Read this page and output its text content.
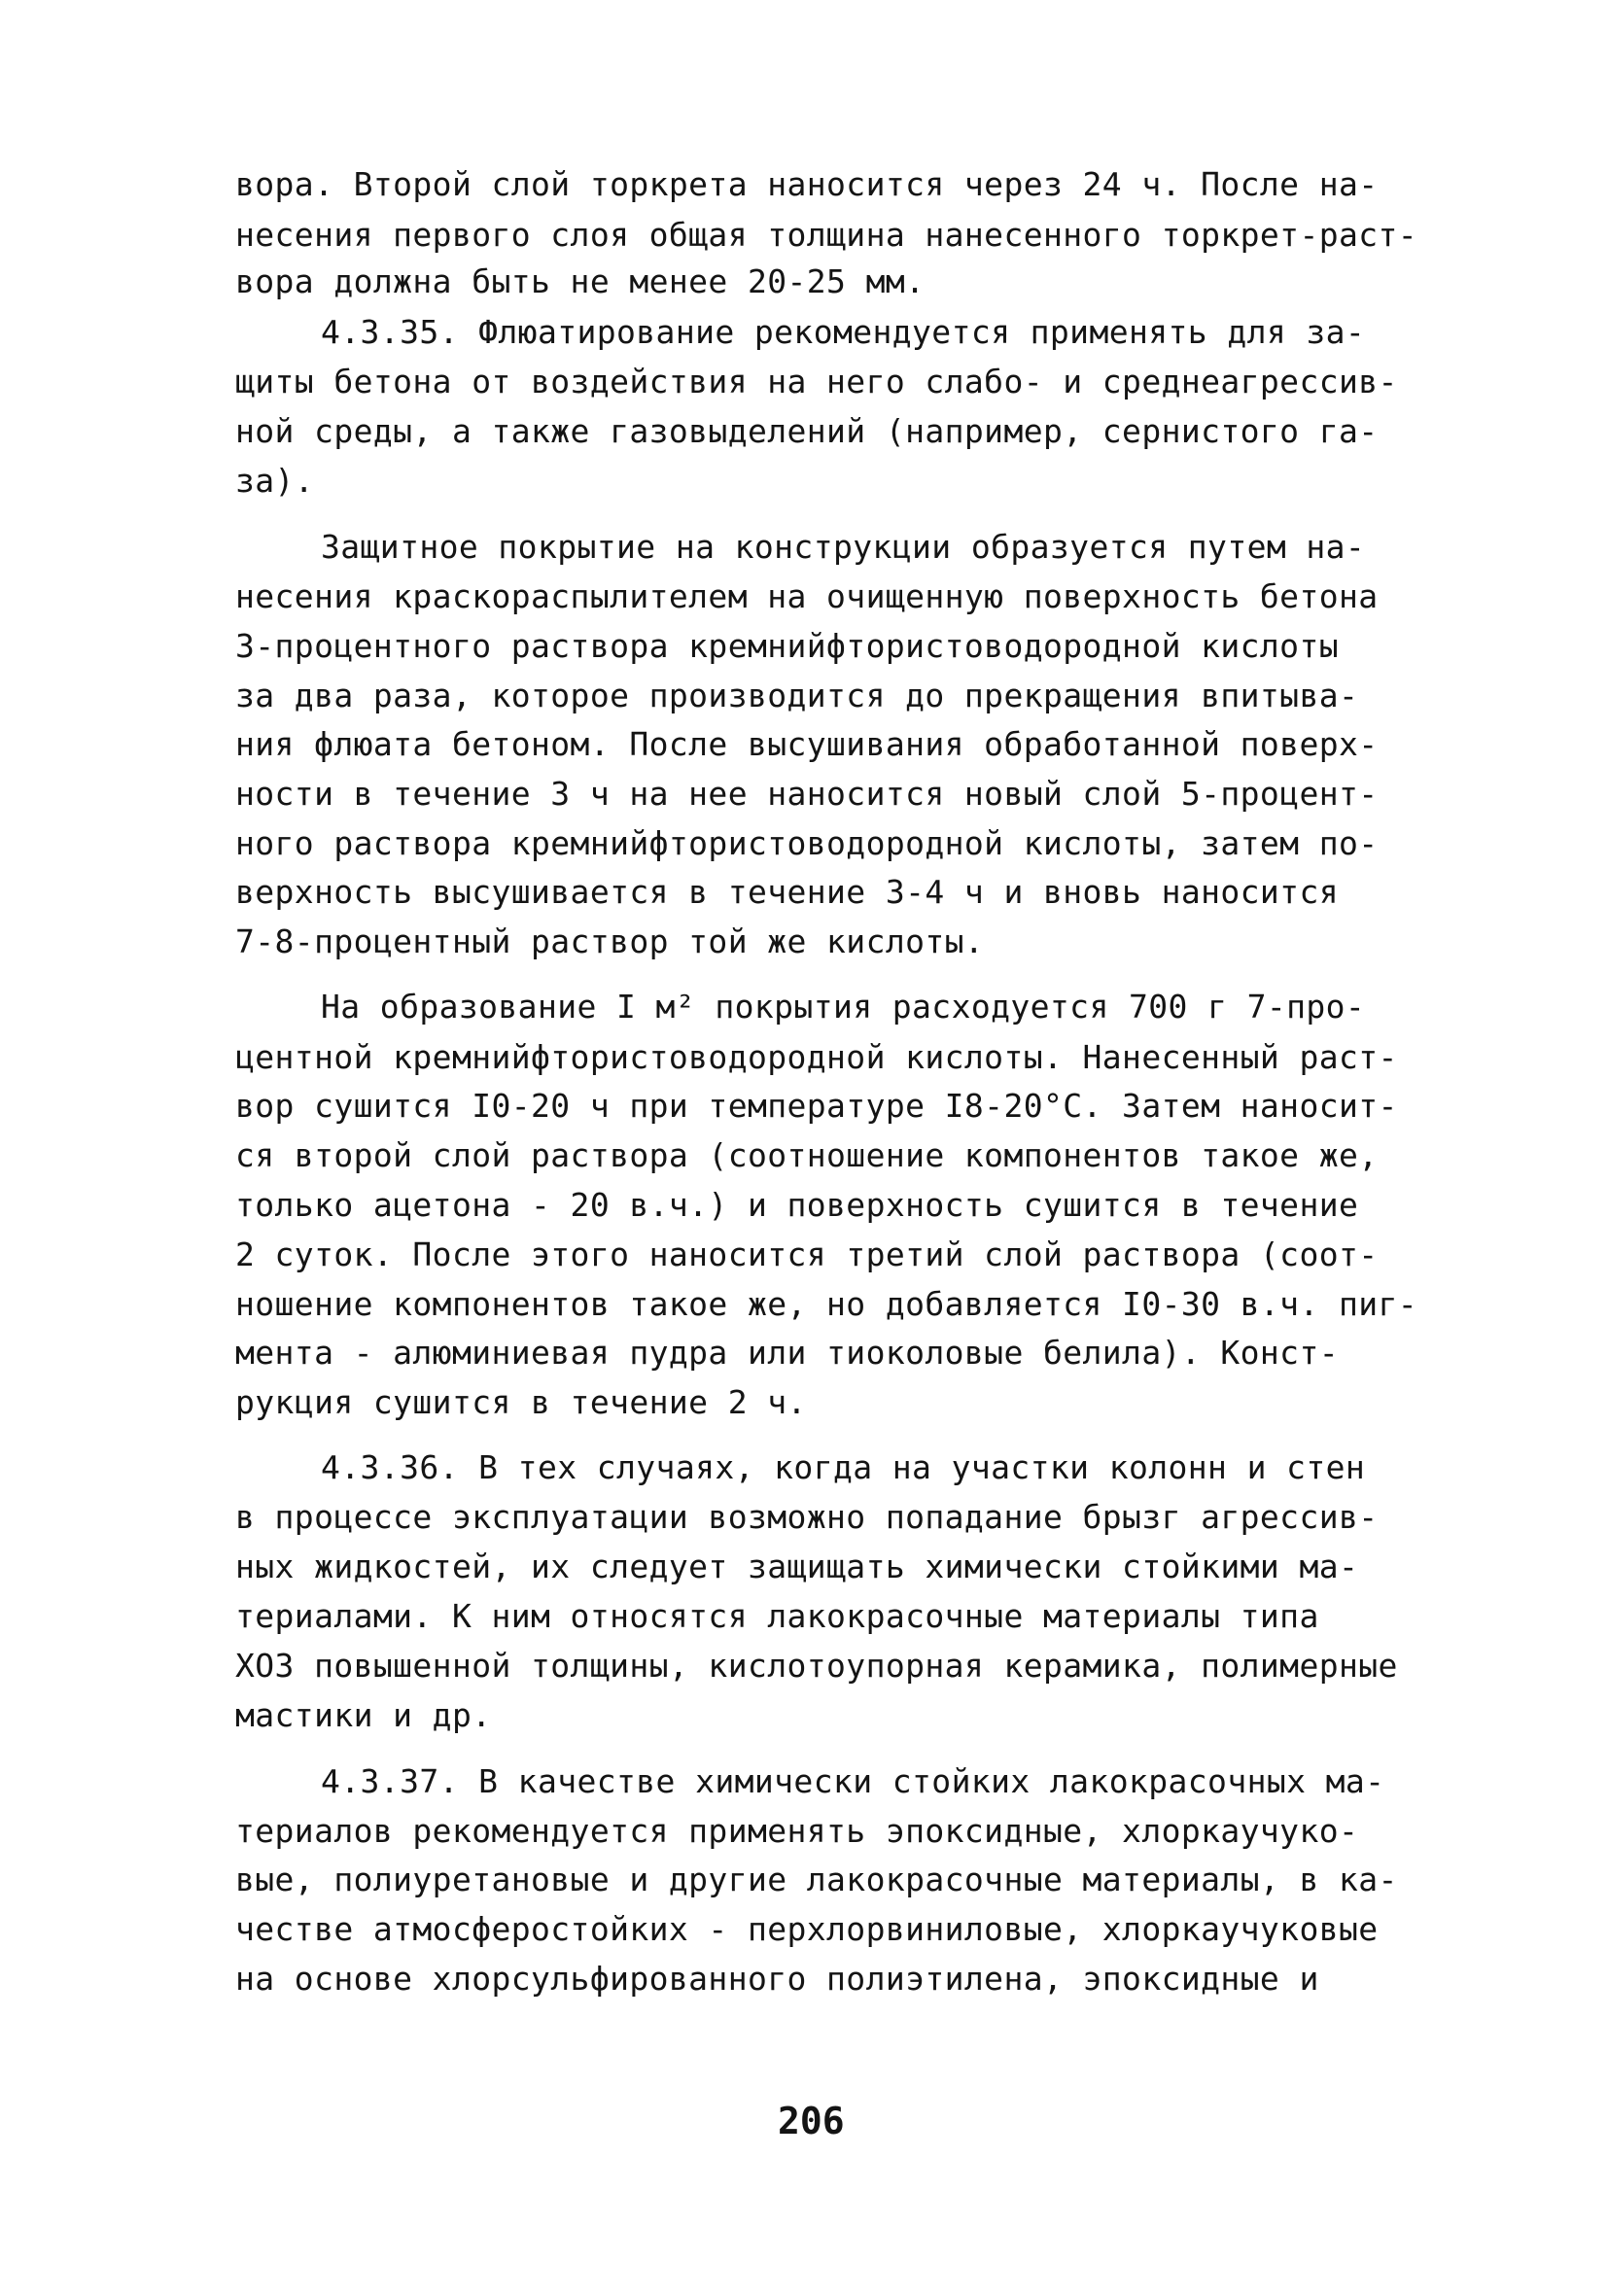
вора. Второй слой торкрета наносится через 24 ч. После на-
несения первого слоя общая толщина нанесенного торкрет-раст-
вора должна быть не менее 20-25 мм.
4.3.35. Флюатирование рекомендуется применять для за-
щиты бетона от воздействия на него слабо- и среднеагрессив-
ной среды, а также газовыделений (например, сернистого га-
за).
Защитное покрытие на конструкции образуется путем на-
несения краскораспылителем на очищенную поверхность бетона
3-процентного раствора кремнийфтористоводородной кислоты
за два раза, которое производится до прекращения впитыва-
ния флюата бетоном. После высушивания обработанной поверх-
ности в течение 3 ч на нее наносится новый слой 5-процент-
ного раствора кремнийфтористоводородной кислоты, затем по-
верхность высушивается в течение 3-4 ч и вновь наносится
7-8-процентный раствор той же кислоты.
На образование I м² покрытия расходуется 700 г 7-про-
центной кремнийфтористоводородной кислоты. Нанесенный раст-
вор сушится I0-20 ч при температуре I8-20°С. Затем наносит-
ся второй слой раствора (соотношение компонентов такое же,
только ацетона - 20 в.ч.) и поверхность сушится в течение
2 суток. После этого наносится третий слой раствора (соот-
ношение компонентов такое же, но добавляется I0-30 в.ч. пиг-
мента - алюминиевая пудра или тиоколовые белила). Конст-
рукция сушится в течение 2 ч.
4.3.36. В тех случаях, когда на участки колонн и стен
в процессе эксплуатации возможно попадание брызг агрессив-
ных жидкостей, их следует защищать химически стойкими ма-
териалами. К ним относятся лакокрасочные материалы типа
ХОЗ повышенной толщины, кислотоупорная керамика, полимерные
мастики и др.
4.3.37. В качестве химически стойких лакокрасочных ма-
териалов рекомендуется применять эпоксидные, хлоркаучуко-
вые, полиуретановые и другие лакокрасочные материалы, в ка-
честве атмосферостойких - перхлорвиниловые, хлоркаучуковые
на основе хлорсульфированного полиэтилена, эпоксидные и
206
